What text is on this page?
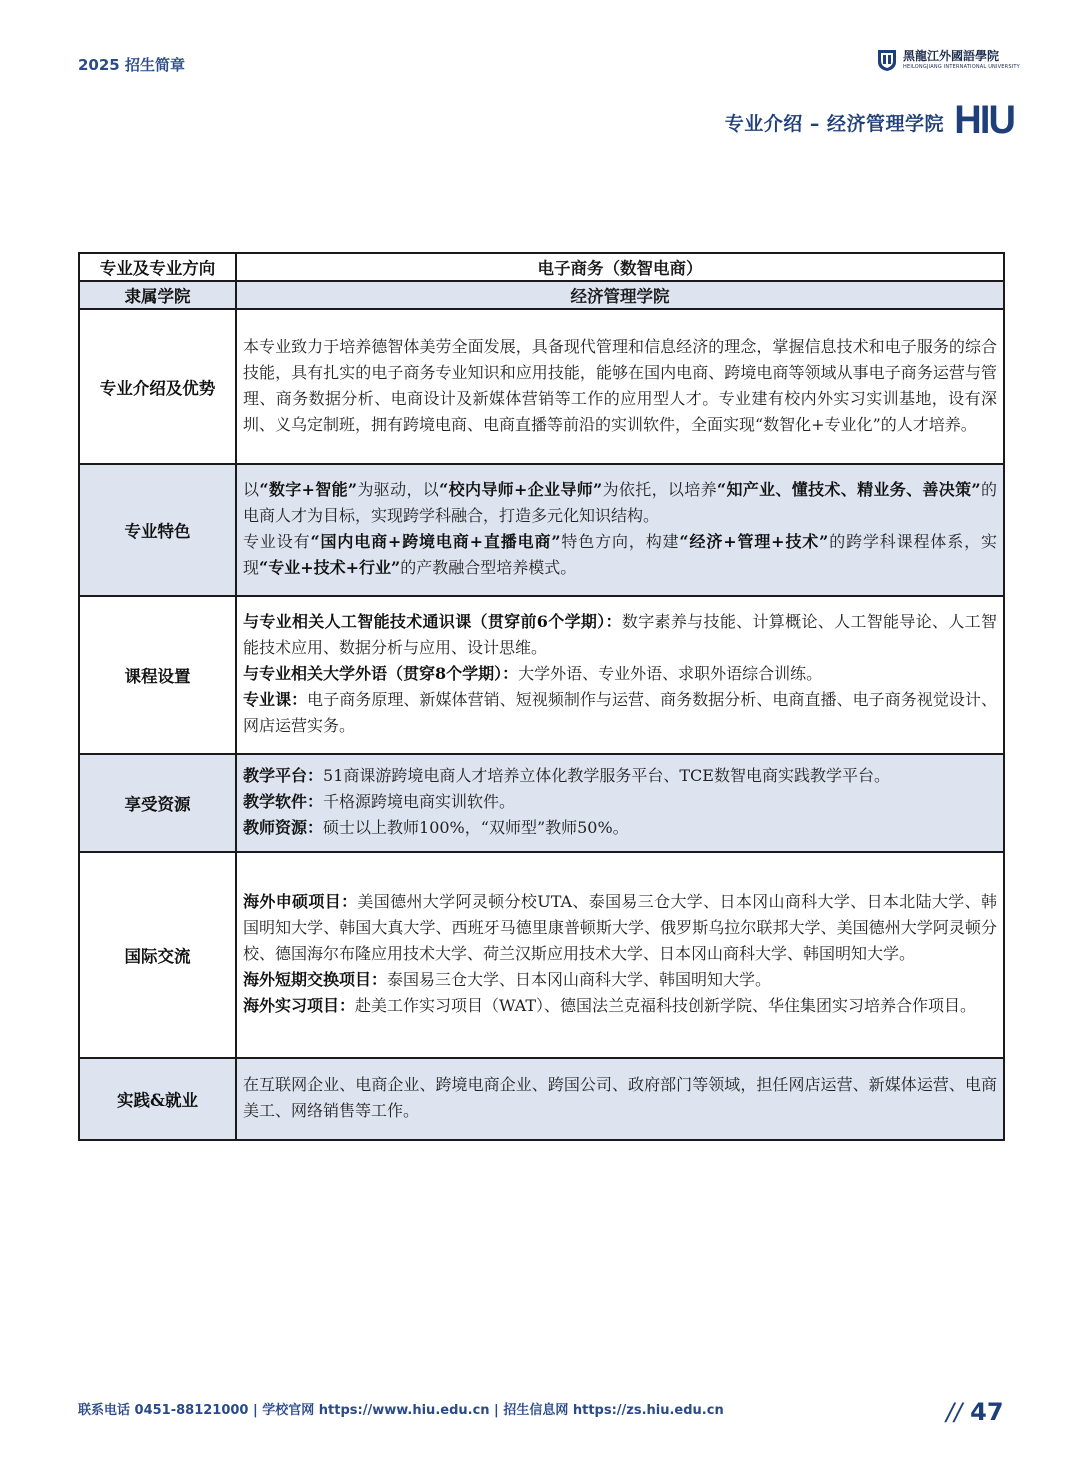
2025 招生简章	黑龍江外國語學院
HEILONGJIANG INTERNATIONAL UNIVERSITY
专业介绍 – 经济管理学院 HIU
专业及专业方向	电子商务（数智电商）
隶属学院	经济管理学院
专业介绍及优势	本专业致力于培养德智体美劳全面发展，具备现代管理和信息经济的理念，掌握信息技术和电子服务的综合技能，具有扎实的电子商务专业知识和应用技能，能够在国内电商、跨境电商等领域从事电子商务运营与管理、商务数据分析、电商设计及新媒体营销等工作的应用型人才。专业建有校内外实习实训基地，设有深圳、义乌定制班，拥有跨境电商、电商直播等前沿的实训软件，全面实现“数智化+专业化”的人才培养。
专业特色	以“数字+智能”为驱动，以“校内导师+企业导师”为依托，以培养“知产业、懂技术、精业务、善决策”的电商人才为目标，实现跨学科融合，打造多元化知识结构。

专业设有“国内电商+跨境电商+直播电商”特色方向，构建“经济+管理+技术”的跨学科课程体系，实现“专业+技术+行业”的产教融合型培养模式。

课程设置	与专业相关人工智能技术通识课（贯穿前6个学期）：数字素养与技能、计算概论、人工智能导论、人工智能技术应用、数据分析与应用、设计思维。

与专业相关大学外语（贯穿8个学期）：大学外语、专业外语、求职外语综合训练。

专业课：电子商务原理、新媒体营销、短视频制作与运营、商务数据分析、电商直播、电子商务视觉设计、网店运营实务。

享受资源	教学平台：51商课游跨境电商人才培养立体化教学服务平台、TCE数智电商实践教学平台。

教学软件：千格源跨境电商实训软件。

教师资源：硕士以上教师100%，“双师型”教师50%。

国际交流	海外申硕项目：美国德州大学阿灵顿分校UTA、泰国易三仓大学、日本冈山商科大学、日本北陆大学、韩国明知大学、韩国大真大学、西班牙马德里康普顿斯大学、俄罗斯乌拉尔联邦大学、美国德州大学阿灵顿分校、德国海尔布隆应用技术大学、荷兰汉斯应用技术大学、日本冈山商科大学、韩国明知大学。

海外短期交换项目：泰国易三仓大学、日本冈山商科大学、韩国明知大学。

海外实习项目：赴美工作实习项目（WAT）、德国法兰克福科技创新学院、华住集团实习培养合作项目。

实践&就业	在互联网企业、电商企业、跨境电商企业、跨国公司、政府部门等领域，担任网店运营、新媒体运营、电商美工、网络销售等工作。
联系电话 0451-88121000 | 学校官网 https://www.hiu.edu.cn | 招生信息网 https://zs.hiu.edu.cn	// 47
